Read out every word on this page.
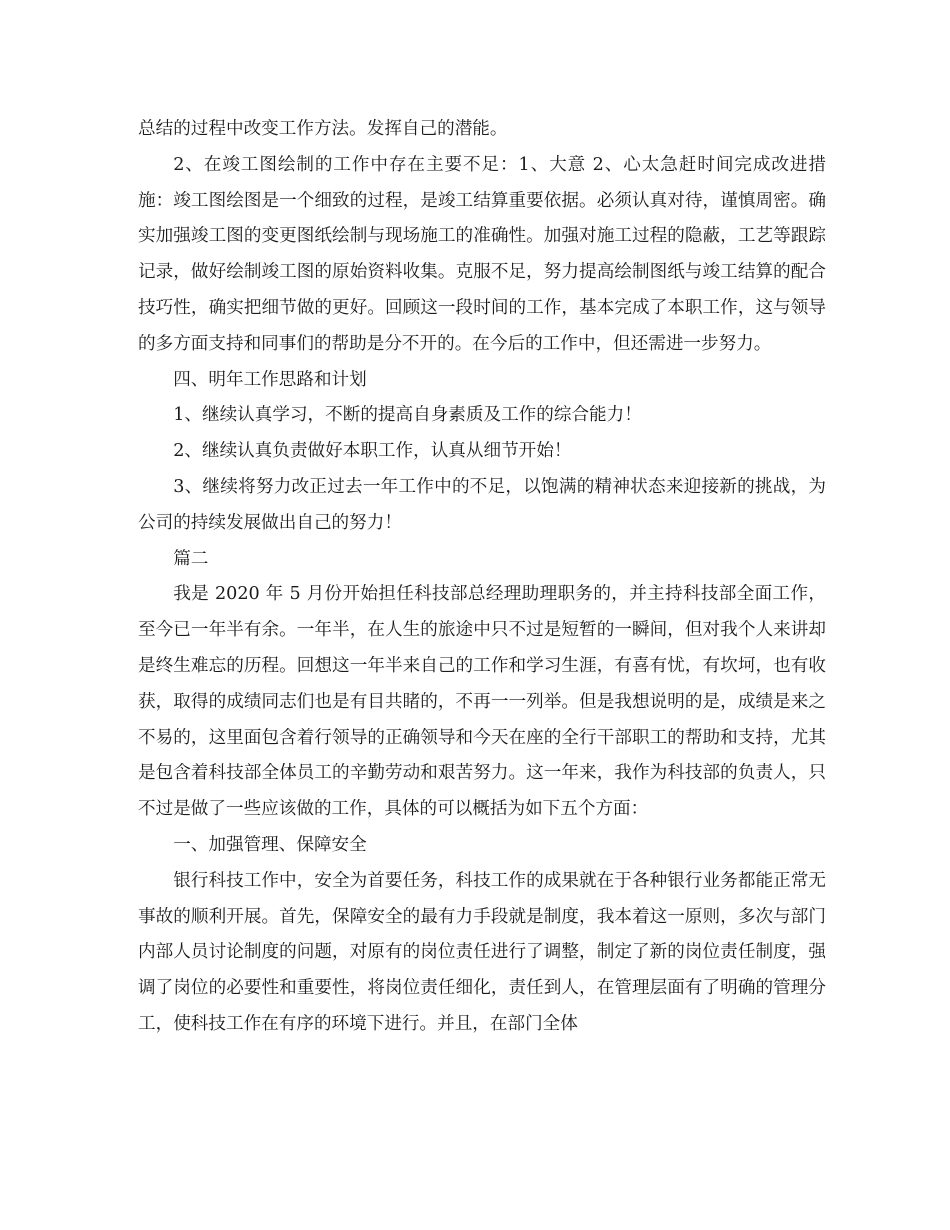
总结的过程中改变工作方法。发挥自己的潜能。

2、在竣工图绘制的工作中存在主要不足：1、大意 2、心太急赶时间完成改进措施：竣工图绘图是一个细致的过程，是竣工结算重要依据。必须认真对待，谨慎周密。确实加强竣工图的变更图纸绘制与现场施工的准确性。加强对施工过程的隐蔽，工艺等跟踪记录，做好绘制竣工图的原始资料收集。克服不足，努力提高绘制图纸与竣工结算的配合技巧性，确实把细节做的更好。回顾这一段时间的工作，基本完成了本职工作，这与领导的多方面支持和同事们的帮助是分不开的。在今后的工作中，但还需进一步努力。

四、明年工作思路和计划

1、继续认真学习，不断的提高自身素质及工作的综合能力！

2、继续认真负责做好本职工作，认真从细节开始！

3、继续将努力改正过去一年工作中的不足，以饱满的精神状态来迎接新的挑战，为公司的持续发展做出自己的努力！

篇二

我是 2020 年 5 月份开始担任科技部总经理助理职务的，并主持科技部全面工作，至今已一年半有余。一年半，在人生的旅途中只不过是短暂的一瞬间，但对我个人来讲却是终生难忘的历程。回想这一年半来自己的工作和学习生涯，有喜有忧，有坎坷，也有收获，取得的成绩同志们也是有目共睹的，不再一一列举。但是我想说明的是，成绩是来之不易的，这里面包含着行领导的正确领导和今天在座的全行干部职工的帮助和支持，尤其是包含着科技部全体员工的辛勤劳动和艰苦努力。这一年来，我作为科技部的负责人，只不过是做了一些应该做的工作，具体的可以概括为如下五个方面：

一、加强管理、保障安全

银行科技工作中，安全为首要任务，科技工作的成果就在于各种银行业务都能正常无事故的顺利开展。首先，保障安全的最有力手段就是制度，我本着这一原则，多次与部门内部人员讨论制度的问题，对原有的岗位责任进行了调整，制定了新的岗位责任制度，强调了岗位的必要性和重要性，将岗位责任细化，责任到人，在管理层面有了明确的管理分工，使科技工作在有序的环境下进行。并且，在部门全体
